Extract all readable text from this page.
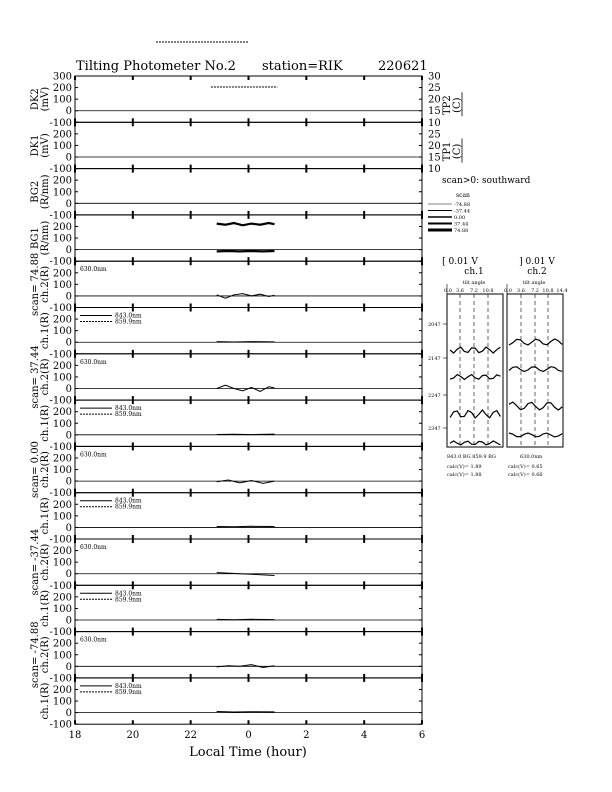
Tilting Photometer No.2 station=RIK	220621
300
200
100
0
-100
DK2 (mV)
30
25
20
15
10
TP2 (C)
200
100
0
-100
DK1 (mV)	25
20
15
10
TP1 (C)
200
100
0
-100
BG2 (R/nm)
200
100
0
-100
BG1 (R/nm)
200
100
0
-100
scan= 74.88 ch.2(R)	630.0nm
200
100
0
-100
ch.1(R)	843.0nm
859.9nm
200
100
0
-100
scan= 37.44 ch.2(R)	630.0nm
200
100
0
-100
ch.1(R)	843.0nm
859.9nm
200
100
0
-100
scan= 0.00 ch.2(R)	630.0nm
200
100
0
-100
ch.1(R)	843.0nm
859.9nm
200
100
0
-100
scan= -37.44 ch.2(R)	630.0nm
200
100
0
-100
ch.1(R)	843.0nm
859.9nm
200
100
0
-100
scan= -74.88 ch.2(R)	630.0nm
200
100
0
-100
ch.1(R)	843.0nm
859.9nm
18	20	22	0	2	4	6
Local Time (hour)
scan>0: southward
scan
-74.88
-37.44
0.00
37.44
74.88
[ 0.01 V	] 0.01 V
ch.1	ch.2
tilt angle	tilt angle
0.0 3.6 7.2 10.8 0.0 3.6 7.2 10.8 14.4
2047
2147
2247
2347
843.0 BG 859.9 BG	630.0nm
calc(V)= 1.89
calc(V)= 1.88
calc(V)= 0.65
calc(V)= 0.66
